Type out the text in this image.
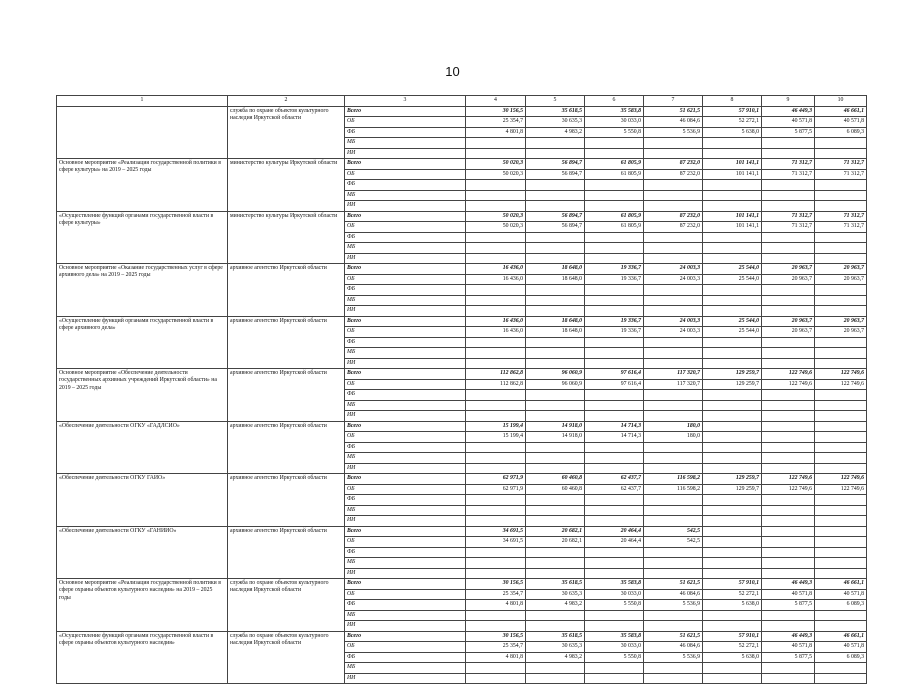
10
1	2	3	4	5	6	7	8	9	10
	служба по охране объектов культурного наследия Иркутской области	Всего	30 156,5	35 618,5	35 583,8	51 621,5	57 910,1	46 449,3	46 661,1
		ОБ	25 354,7	30 635,3	30 033,0	46 084,6	52 272,1	40 571,8	40 571,8
		ФБ	4 801,8	4 983,2	5 550,8	5 536,9	5 638,0	5 877,5	6 089,3
		МБ							
		ИИ							
Основное мероприятие «Реализация государственной политики в сфере культуры» на 2019 – 2025 годы	министерство культуры Иркутской области	Всего	50 020,3	56 894,7	61 805,9	87 232,0	101 141,1	71 312,7	71 312,7
		ОБ	50 020,3	56 894,7	61 805,9	87 232,0	101 141,1	71 312,7	71 312,7
		ФБ							
		МБ							
		ИИ							
«Осуществление функций органами государственной власти в сфере культуры»	министерство культуры Иркутской области	Всего	50 020,3	56 894,7	61 805,9	87 232,0	101 141,1	71 312,7	71 312,7
		ОБ	50 020,3	56 894,7	61 805,9	87 232,0	101 141,1	71 312,7	71 312,7
		ФБ							
		МБ							
		ИИ							
Основное мероприятие «Оказание государственных услуг в сфере архивного дела» на 2019 – 2025 годы	архивное агентство Иркутской области	Всего	16 436,0	18 648,0	19 336,7	24 003,3	25 544,0	20 963,7	20 963,7
		ОБ	16 436,0	18 648,0	19 336,7	24 003,3	25 544,0	20 963,7	20 963,7
		ФБ							
		МБ							
		ИИ							
«Осуществление функций органами государственной власти в сфере архивного дела»	архивное агентство Иркутской области	Всего	16 436,0	18 648,0	19 336,7	24 003,3	25 544,0	20 963,7	20 963,7
		ОБ	16 436,0	18 648,0	19 336,7	24 003,3	25 544,0	20 963,7	20 963,7
		ФБ							
		МБ							
		ИИ							
Основное мероприятие «Обеспечение деятельности государственных архивных учреждений Иркутской области» на 2019 – 2025 годы	архивное агентство Иркутской области	Всего	112 862,8	96 060,9	97 616,4	117 320,7	129 259,7	122 749,6	122 749,6
		ОБ	112 862,8	96 060,9	97 616,4	117 320,7	129 259,7	122 749,6	122 749,6
		ФБ							
		МБ							
		ИИ							
«Обеспечение деятельности ОГКУ «ГАДЛСИО»	архивное агентство Иркутской области	Всего	15 199,4	14 918,0	14 714,3	180,0			
		ОБ	15 199,4	14 918,0	14 714,3	180,0			
		ФБ							
		МБ							
		ИИ							
«Обеспечение деятельности ОГКУ ГАИО»	архивное агентство Иркутской области	Всего	62 971,9	60 460,8	62 437,7	116 598,2	129 259,7	122 749,6	122 749,6
		ОБ	62 971,9	60 460,8	62 437,7	116 598,2	129 259,7	122 749,6	122 749,6
		ФБ							
		МБ							
		ИИ							
«Обеспечение деятельности ОГКУ «ГАНИИО»	архивное агентство Иркутской области	Всего	34 691,5	20 682,1	20 464,4	542,5			
		ОБ	34 691,5	20 682,1	20 464,4	542,5			
		ФБ							
		МБ							
		ИИ							
Основное мероприятие «Реализация государственной политики в сфере охраны объектов культурного наследия» на 2019 – 2025 годы	служба по охране объектов культурного наследия Иркутской области	Всего	30 156,5	35 618,5	35 583,8	51 621,5	57 910,1	46 449,3	46 661,1
		ОБ	25 354,7	30 635,3	30 033,0	46 084,6	52 272,1	40 571,8	40 571,8
		ФБ	4 801,8	4 983,2	5 550,8	5 536,9	5 638,0	5 877,5	6 089,3
		МБ							
		ИИ							
«Осуществление функций органами государственной власти в сфере охраны объектов культурного наследия»	служба по охране объектов культурного наследия Иркутской области	Всего	30 156,5	35 618,5	35 583,8	51 621,5	57 910,1	46 449,3	46 661,1
		ОБ	25 354,7	30 635,3	30 033,0	46 084,6	52 272,1	40 571,8	40 571,8
		ФБ	4 801,8	4 983,2	5 550,8	5 536,9	5 638,0	5 877,5	6 089,3
		МБ							
		ИИ							
